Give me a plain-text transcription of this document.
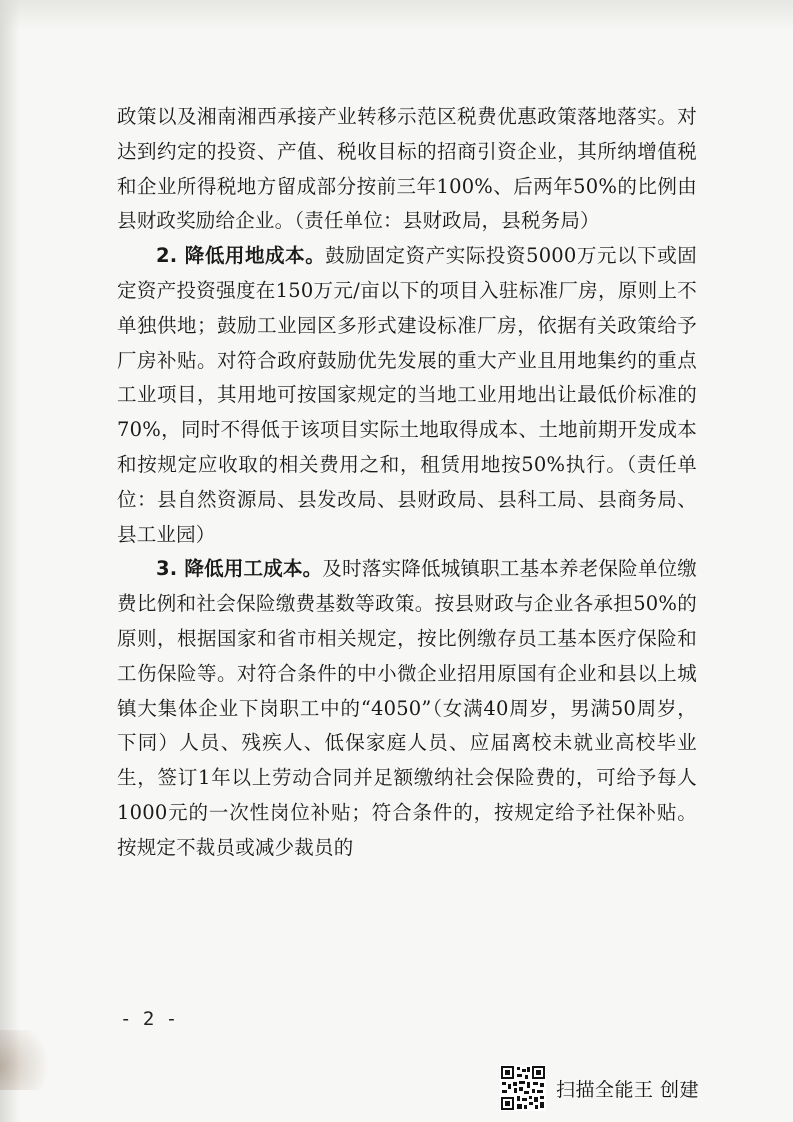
政策以及湘南湘西承接产业转移示范区税费优惠政策落地落实。对达到约定的投资、产值、税收目标的招商引资企业，其所纳增值税和企业所得税地方留成部分按前三年100%、后两年50%的比例由县财政奖励给企业。（责任单位：县财政局，县税务局）

2. 降低用地成本。鼓励固定资产实际投资5000万元以下或固定资产投资强度在150万元/亩以下的项目入驻标准厂房，原则上不单独供地；鼓励工业园区多形式建设标准厂房，依据有关政策给予厂房补贴。对符合政府鼓励优先发展的重大产业且用地集约的重点工业项目，其用地可按国家规定的当地工业用地出让最低价标准的70%，同时不得低于该项目实际土地取得成本、土地前期开发成本和按规定应收取的相关费用之和，租赁用地按50%执行。（责任单位：县自然资源局、县发改局、县财政局、县科工局、县商务局、县工业园）

3. 降低用工成本。及时落实降低城镇职工基本养老保险单位缴费比例和社会保险缴费基数等政策。按县财政与企业各承担50%的原则，根据国家和省市相关规定，按比例缴存员工基本医疗保险和工伤保险等。对符合条件的中小微企业招用原国有企业和县以上城镇大集体企业下岗职工中的“4050”（女满40周岁，男满50周岁，下同）人员、残疾人、低保家庭人员、应届离校未就业高校毕业生，签订1年以上劳动合同并足额缴纳社会保险费的，可给予每人1000元的一次性岗位补贴；符合条件的，按规定给予社保补贴。按规定不裁员或减少裁员的

- 2 -
扫描全能王 创建
